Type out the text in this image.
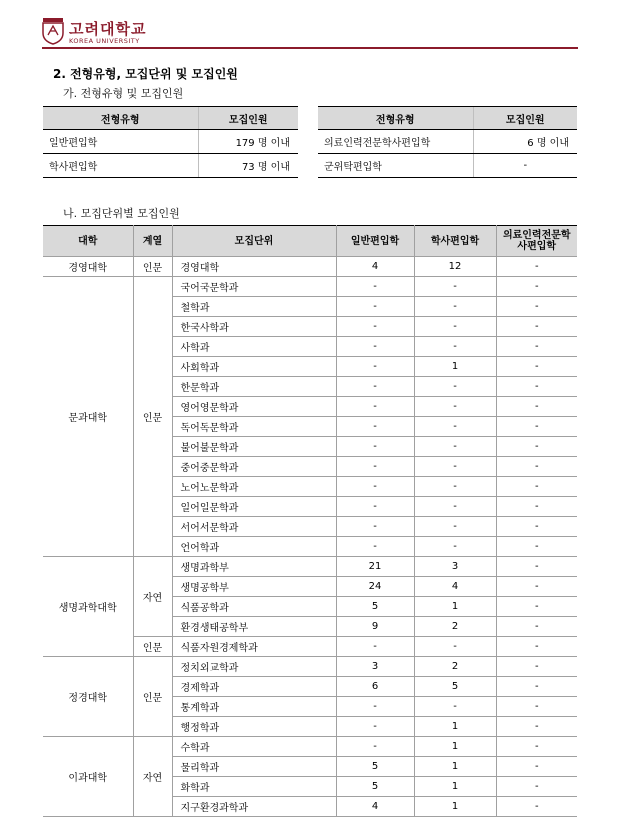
고려대학교
KOREA UNIVERSITY
2. 전형유형, 모집단위 및 모집인원
가. 전형유형 및 모집인원
전형유형	모집인원		전형유형	모집인원
일반편입학	179 명 이내		의료인력전문학사편입학	6 명 이내
학사편입학	73 명 이내		군위탁편입학	-
나. 모집단위별 모집인원
대학	계열	모집단위	일반편입학	학사편입학	의료인력전문학사편입학
경영대학	인문	경영대학	4	12	-
문과대학	인문	국어국문학과	-	-	-
		철학과	-	-	-
		한국사학과	-	-	-
		사학과	-	-	-
		사회학과	-	1	-
		한문학과	-	-	-
		영어영문학과	-	-	-
		독어독문학과	-	-	-
		불어불문학과	-	-	-
		중어중문학과	-	-	-
		노어노문학과	-	-	-
		일어일문학과	-	-	-
		서어서문학과	-	-	-
		언어학과	-	-	-
생명과학대학	자연	생명과학부	21	3	-
		생명공학부	24	4	-
		식품공학과	5	1	-
		환경생태공학부	9	2	-
	인문	식품자원경제학과	-	-	-
정경대학	인문	정치외교학과	3	2	-
		경제학과	6	5	-
		통계학과	-	-	-
		행정학과	-	1	-
이과대학	자연	수학과	-	1	-
		물리학과	5	1	-
		화학과	5	1	-
		지구환경과학과	4	1	-
